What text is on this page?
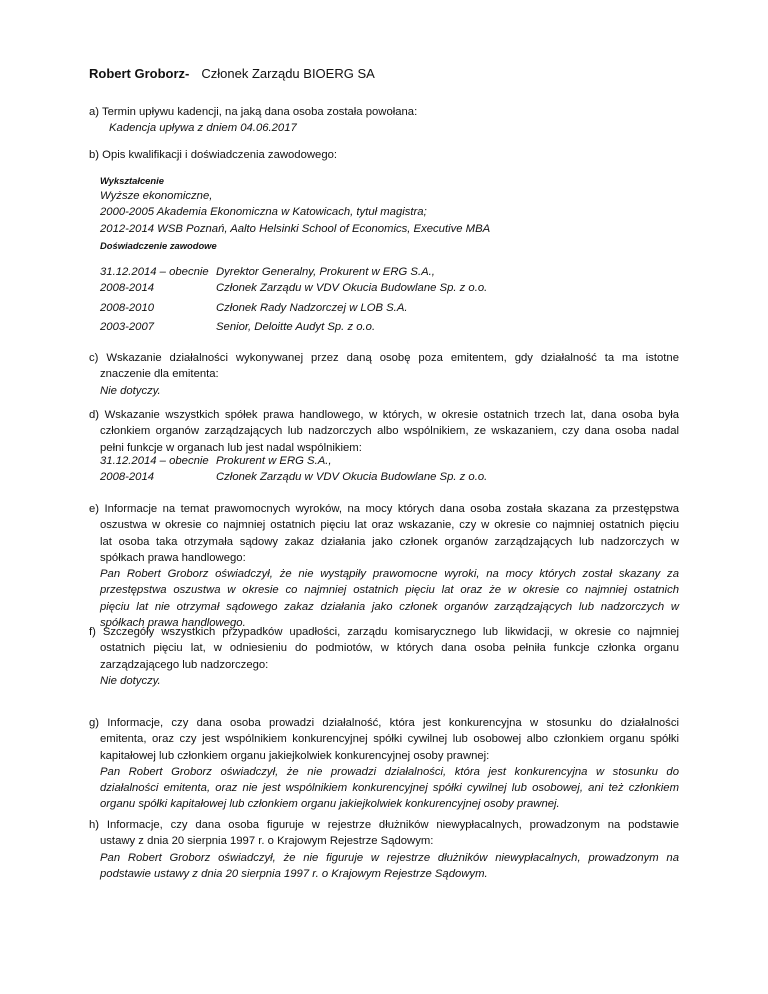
Robert Groborz- Członek Zarządu BIOERG SA

a) Termin upływu kadencji, na jaką dana osoba została powołana:

Kadencja upływa z dniem 04.06.2017

b) Opis kwalifikacji i doświadczenia zawodowego:

Wykształcenie

Wyższe ekonomiczne,

2000-2005 Akademia Ekonomiczna w Katowicach, tytuł magistra;

2012-2014 WSB Poznań, Aalto Helsinki School of Economics, Executive MBA

Doświadczenie zawodowe

31.12.2014 – obecnie Dyrektor Generalny, Prokurent w ERG S.A.,
2008-2014	Członek Zarządu w VDV Okucia Budowlane Sp. z o.o.
2008-2010	Członek Rady Nadzorczej w LOB S.A.
2003-2007	Senior, Deloitte Audyt Sp. z o.o.

c) Wskazanie działalności wykonywanej przez daną osobę poza emitentem, gdy działalność ta ma istotne

znaczenie dla emitenta:

Nie dotyczy.

d) Wskazanie wszystkich spółek prawa handlowego, w których, w okresie ostatnich trzech lat, dana osoba była

członkiem organów zarządzających lub nadzorczych albo wspólnikiem, ze wskazaniem, czy dana osoba nadal

pełni funkcje w organach lub jest nadal wspólnikiem:

31.12.2014 – obecnie Prokurent w ERG S.A.,
2008-2014	Członek Zarządu w VDV Okucia Budowlane Sp. z o.o.

e) Informacje na temat prawomocnych wyroków, na mocy których dana osoba została skazana za przestępstwa

oszustwa w okresie co najmniej ostatnich pięciu lat oraz wskazanie, czy w okresie co najmniej ostatnich pięciu

lat osoba taka otrzymała sądowy zakaz działania jako członek organów zarządzających lub nadzorczych w

spółkach prawa handlowego:

Pan Robert Groborz oświadczył, że nie wystąpiły prawomocne wyroki, na mocy których został skazany za

przestępstwa oszustwa w okresie co najmniej ostatnich pięciu lat oraz że w okresie co najmniej ostatnich

pięciu lat nie otrzymał sądowego zakaz działania jako członek organów zarządzających lub nadzorczych w

spółkach prawa handlowego.

f) Szczegóły wszystkich przypadków upadłości, zarządu komisarycznego lub likwidacji, w okresie co najmniej

ostatnich pięciu lat, w odniesieniu do podmiotów, w których dana osoba pełniła funkcje członka organu

zarządzającego lub nadzorczego:

Nie dotyczy.

g) Informacje, czy dana osoba prowadzi działalność, która jest konkurencyjna w stosunku do działalności

emitenta, oraz czy jest wspólnikiem konkurencyjnej spółki cywilnej lub osobowej albo członkiem organu spółki

kapitałowej lub członkiem organu jakiejkolwiek konkurencyjnej osoby prawnej:

Pan Robert Groborz oświadczył, że nie prowadzi działalności, która jest konkurencyjna w stosunku do

działalności emitenta, oraz nie jest wspólnikiem konkurencyjnej spółki cywilnej lub osobowej, ani też członkiem

organu spółki kapitałowej lub członkiem organu jakiejkolwiek konkurencyjnej osoby prawnej.

h) Informacje, czy dana osoba figuruje w rejestrze dłużników niewypłacalnych, prowadzonym na podstawie

ustawy z dnia 20 sierpnia 1997 r. o Krajowym Rejestrze Sądowym:

Pan Robert Groborz oświadczył, że nie figuruje w rejestrze dłużników niewypłacalnych, prowadzonym na

podstawie ustawy z dnia 20 sierpnia 1997 r. o Krajowym Rejestrze Sądowym.
